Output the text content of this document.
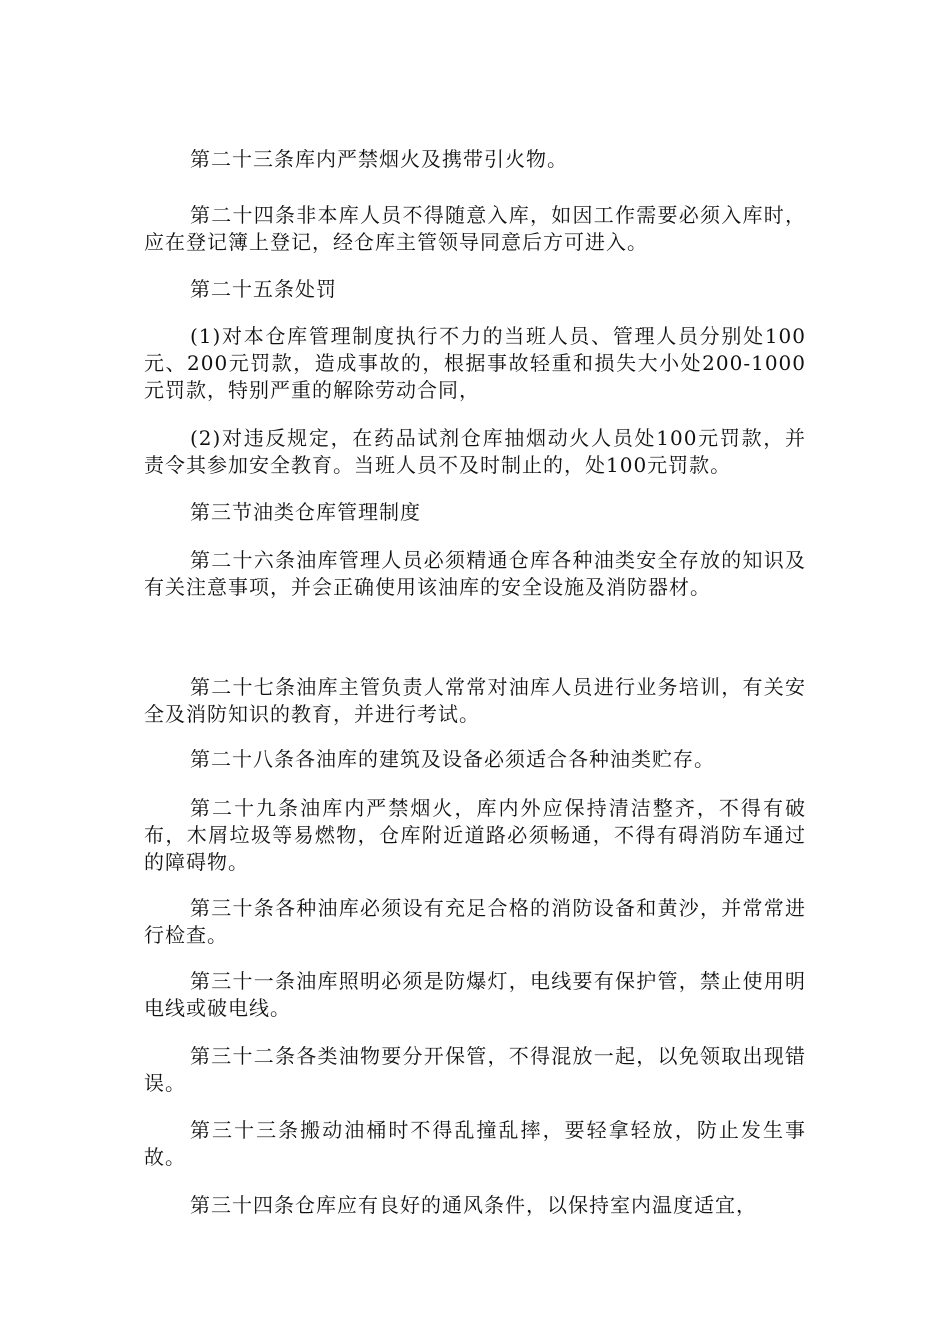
第二十三条库内严禁烟火及携带引火物。

第二十四条非本库人员不得随意入库，如因工作需要必须入库时，应在登记簿上登记，经仓库主管领导同意后方可进入。

第二十五条处罚

(1)对本仓库管理制度执行不力的当班人员、管理人员分别处100元、200元罚款，造成事故的，根据事故轻重和损失大小处200-1000元罚款，特别严重的解除劳动合同，

(2)对违反规定，在药品试剂仓库抽烟动火人员处100元罚款，并责令其参加安全教育。当班人员不及时制止的，处100元罚款。

第三节油类仓库管理制度

第二十六条油库管理人员必须精通仓库各种油类安全存放的知识及有关注意事项，并会正确使用该油库的安全设施及消防器材。

第二十七条油库主管负责人常常对油库人员进行业务培训，有关安全及消防知识的教育，并进行考试。

第二十八条各油库的建筑及设备必须适合各种油类贮存。

第二十九条油库内严禁烟火，库内外应保持清洁整齐，不得有破布，木屑垃圾等易燃物，仓库附近道路必须畅通，不得有碍消防车通过的障碍物。

第三十条各种油库必须设有充足合格的消防设备和黄沙，并常常进行检查。

第三十一条油库照明必须是防爆灯，电线要有保护管，禁止使用明电线或破电线。

第三十二条各类油物要分开保管，不得混放一起，以免领取出现错误。

第三十三条搬动油桶时不得乱撞乱摔，要轻拿轻放，防止发生事故。

第三十四条仓库应有良好的通风条件，以保持室内温度适宜，
